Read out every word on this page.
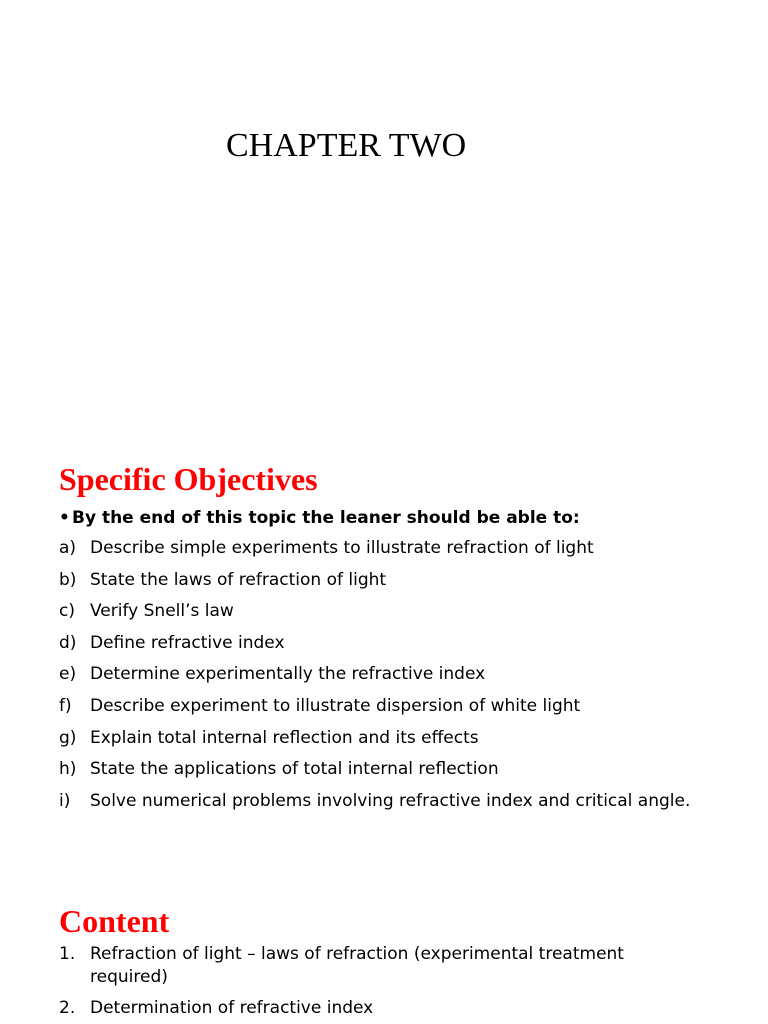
CHAPTER TWO
Specific Objectives
• By the end of this topic the leaner should be able to:
a) Describe simple experiments to illustrate refraction of light
b) State the laws of refraction of light
c) Verify Snell’s law
d) Define refractive index
e) Determine experimentally the refractive index
f) Describe experiment to illustrate dispersion of white light
g) Explain total internal reflection and its effects
h) State the applications of total internal reflection
i) Solve numerical problems involving refractive index and critical angle.
Content
1. Refraction of light – laws of refraction (experimental treatment required)
2. Determination of refractive index
